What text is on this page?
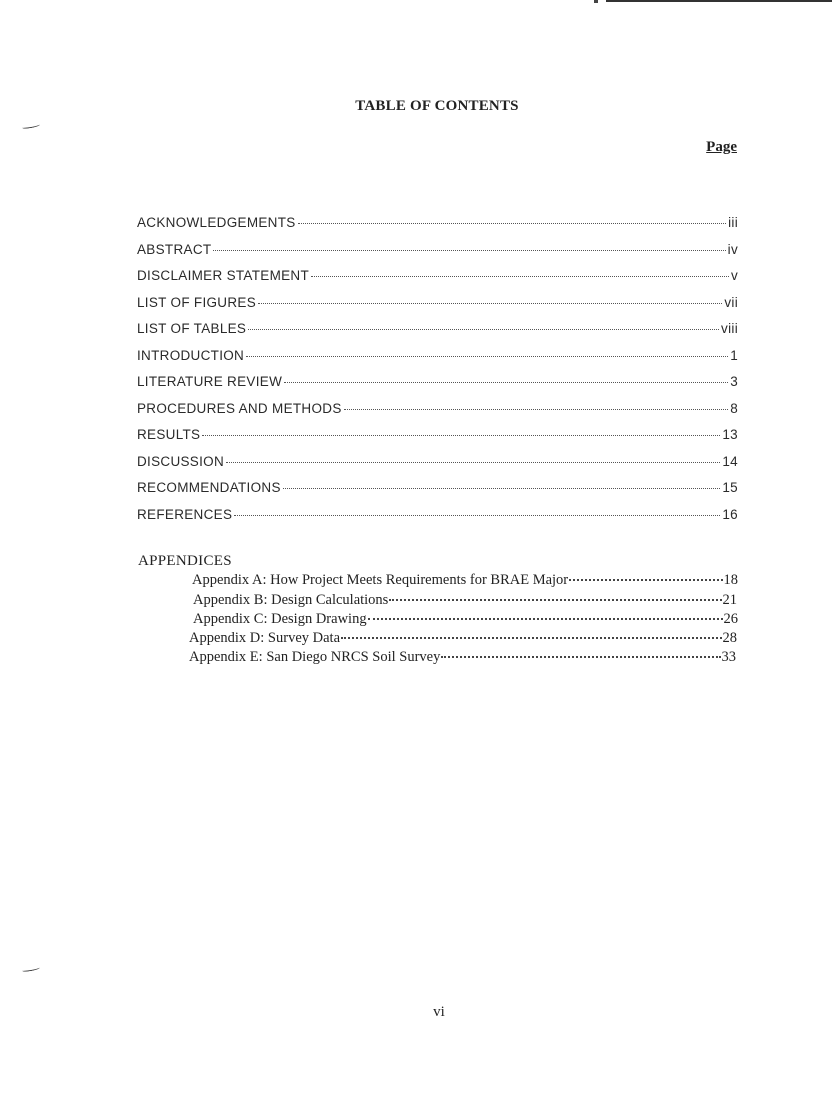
TABLE OF CONTENTS
Page
ACKNOWLEDGEMENTS	iii
ABSTRACT	iv
DISCLAIMER STATEMENT	v
LIST OF FIGURES	vii
LIST OF TABLES	viii
INTRODUCTION	1
LITERATURE REVIEW	3
PROCEDURES AND METHODS	8
RESULTS	13
DISCUSSION	14
RECOMMENDATIONS	15
REFERENCES	16
APPENDICES
Appendix A: How Project Meets Requirements for BRAE Major	18
Appendix B: Design Calculations	21
Appendix C: Design Drawing	26
Appendix D: Survey Data	28
Appendix E: San Diego NRCS Soil Survey	33
vi
